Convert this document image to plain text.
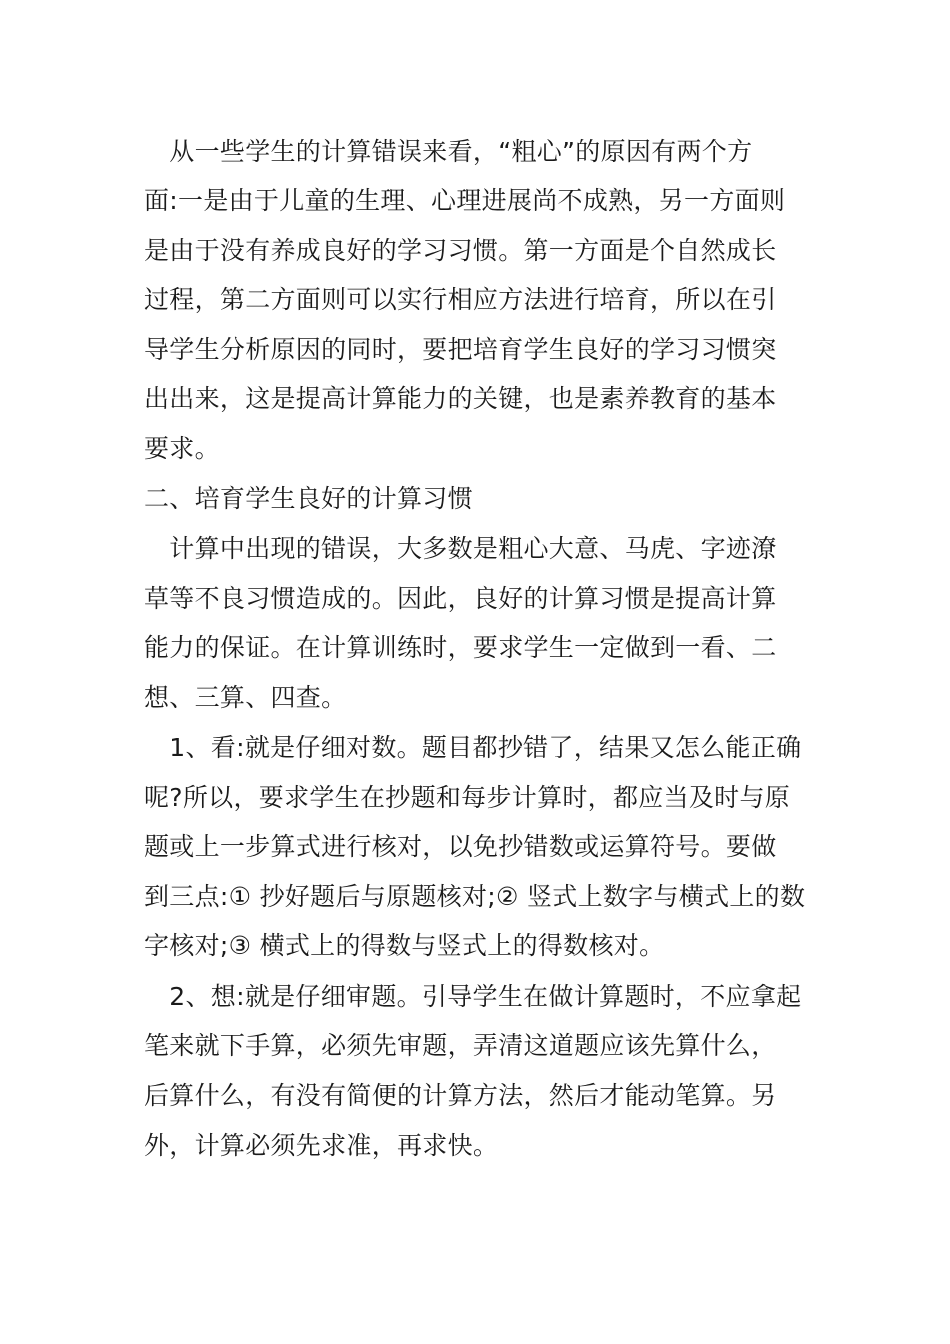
　从一些学生的计算错误来看，“粗心”的原因有两个方

面:一是由于儿童的生理、心理进展尚不成熟，另一方面则

是由于没有养成良好的学习习惯。第一方面是个自然成长

过程，第二方面则可以实行相应方法进行培育，所以在引

导学生分析原因的同时，要把培育学生良好的学习习惯突

出出来，这是提高计算能力的关键，也是素养教育的基本

要求。

二、培育学生良好的计算习惯

　计算中出现的错误，大多数是粗心大意、马虎、字迹潦

草等不良习惯造成的。因此，良好的计算习惯是提高计算

能力的保证。在计算训练时，要求学生一定做到一看、二

想、三算、四查。

　1、看:就是仔细对数。题目都抄错了，结果又怎么能正确

呢?所以，要求学生在抄题和每步计算时，都应当及时与原

题或上一步算式进行核对，以免抄错数或运算符号。要做

到三点:① 抄好题后与原题核对;② 竖式上数字与横式上的数

字核对;③ 横式上的得数与竖式上的得数核对。

　2、想:就是仔细审题。引导学生在做计算题时，不应拿起

笔来就下手算，必须先审题，弄清这道题应该先算什么，

后算什么，有没有简便的计算方法，然后才能动笔算。另

外，计算必须先求准，再求快。
